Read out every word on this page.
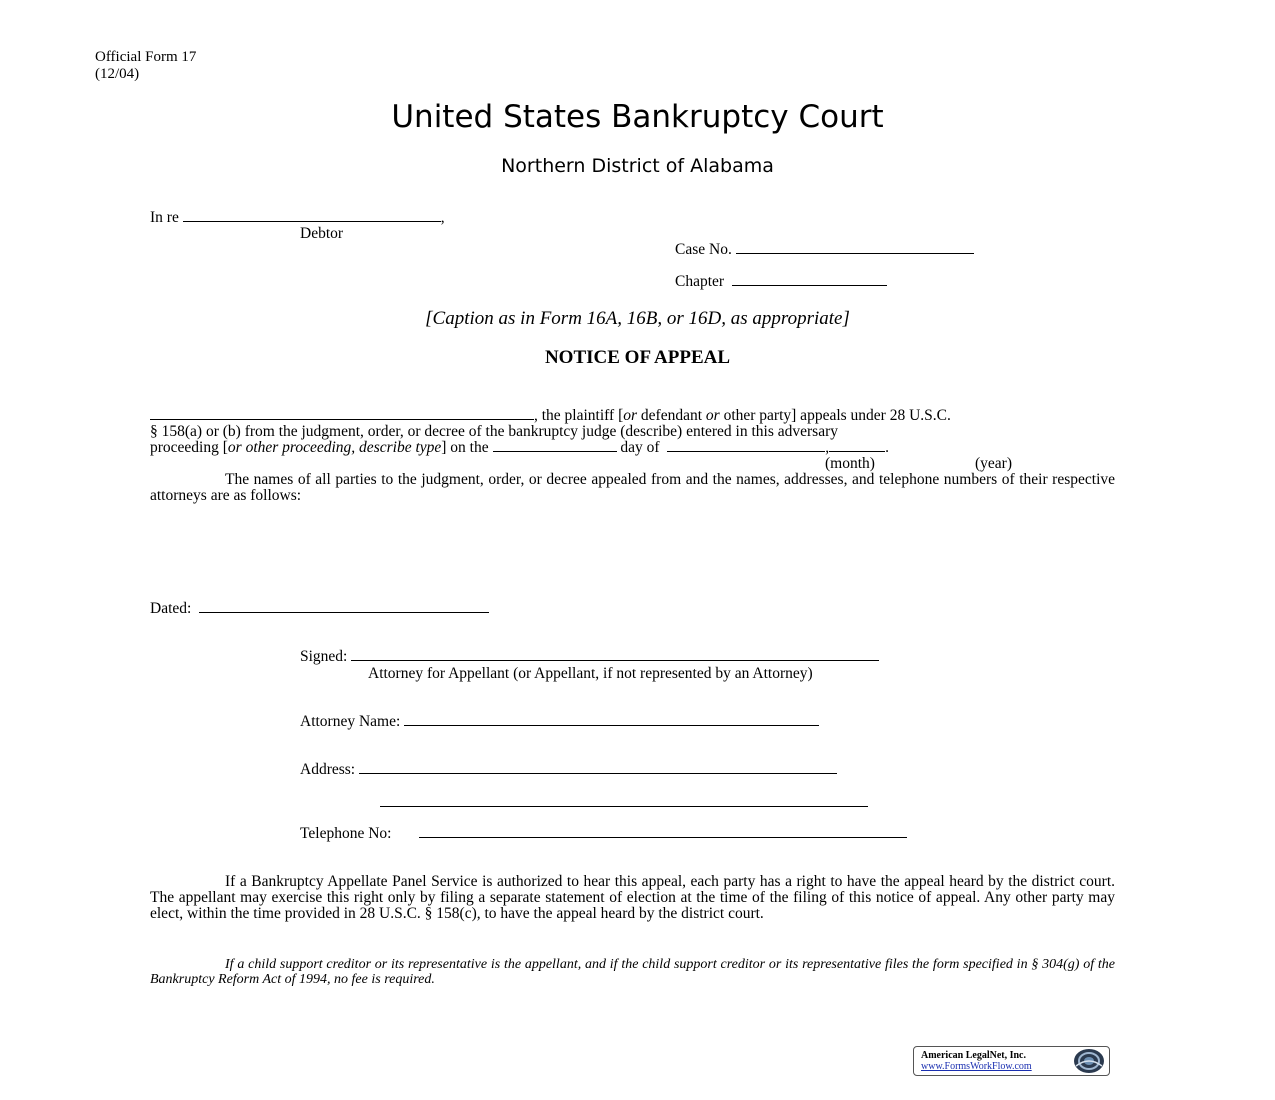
Official Form 17
(12/04)
United States Bankruptcy Court
Northern District of Alabama
In re	,
Debtor
Case No.
Chapter
[Caption as in Form 16A, 16B, or 16D, as appropriate]
NOTICE OF APPEAL
, the plaintiff [or defendant or other party] appeals under 28 U.S.C.
§ 158(a) or (b) from the judgment, order, or decree of the bankruptcy judge (describe) entered in this adversary
proceeding [or other proceeding, describe type] on the	day of	,	.
(month)	(year)
The names of all parties to the judgment, order, or decree appealed from and the names, addresses, and telephone numbers of their respective attorneys are as follows:
Dated:
Signed:
Attorney for Appellant (or Appellant, if not represented by an Attorney)
Attorney Name:
Address:
Telephone No:
If a Bankruptcy Appellate Panel Service is authorized to hear this appeal, each party has a right to have the appeal heard by the district court. The appellant may exercise this right only by filing a separate statement of election at the time of the filing of this notice of appeal. Any other party may elect, within the time provided in 28 U.S.C. § 158(c), to have the appeal heard by the district court.
If a child support creditor or its representative is the appellant, and if the child support creditor or its representative files the form specified in § 304(g) of the Bankruptcy Reform Act of 1994, no fee is required.
American LegalNet, Inc.
www.FormsWorkFlow.com
